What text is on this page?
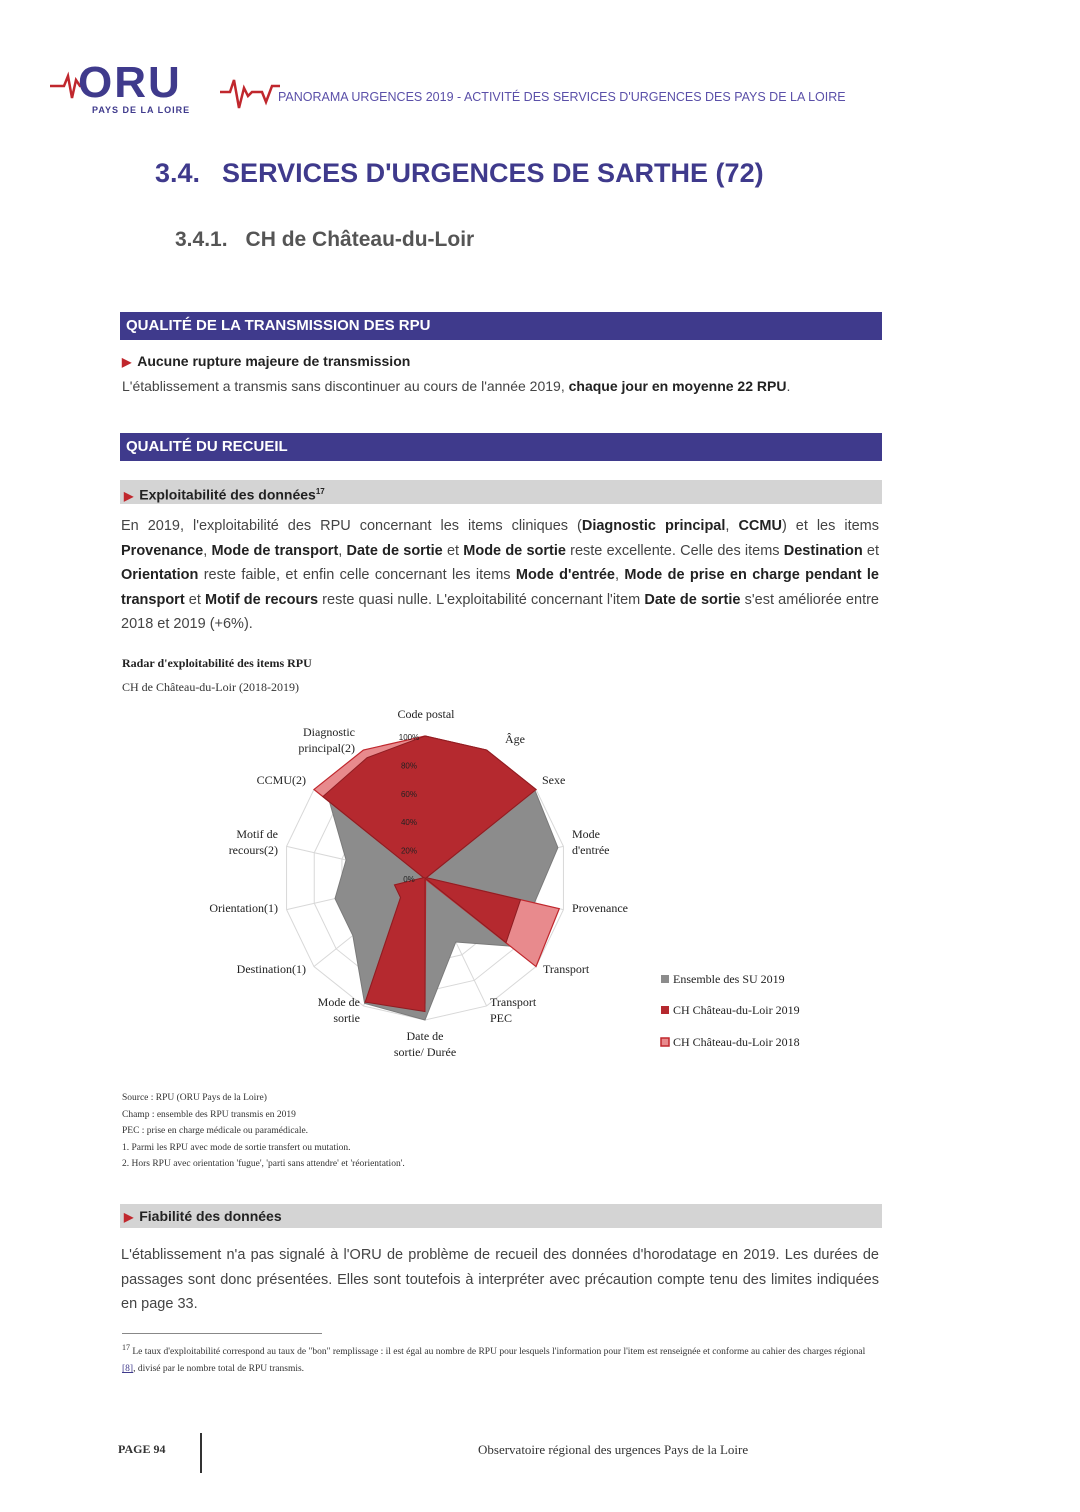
ORU
PAYS DE LA LOIRE
PANORAMA URGENCES 2019 - ACTIVITÉ DES SERVICES D'URGENCES DES PAYS DE LA LOIRE
3.4. SERVICES D'URGENCES DE SARTHE (72)
3.4.1. CH de Château-du-Loir
QUALITÉ DE LA TRANSMISSION DES RPU
▶ Aucune rupture majeure de transmission
L'établissement a transmis sans discontinuer au cours de l'année 2019, chaque jour en moyenne 22 RPU.
QUALITÉ DU RECUEIL
▶ Exploitabilité des données$^{17}$
En 2019, l'exploitabilité des RPU concernant les items cliniques (Diagnostic principal, CCMU) et les items Provenance, Mode de transport, Date de sortie et Mode de sortie reste excellente. Celle des items Destination et Orientation reste faible, et enfin celle concernant les items Mode d'entrée, Mode de prise en charge pendant le transport et Motif de recours reste quasi nulle. L'exploitabilité concernant l'item Date de sortie s'est améliorée entre 2018 et 2019 (+6%).
Radar d'exploitabilité des items RPU
CH de Château-du-Loir (2018-2019)
0%
20%
40%
60%
80%
100%
Code postal
Âge
Sexe
Mode d'entrée
Provenance
Transport
Transport PEC
Date de sortie/ Durée
Mode de sortie
Destination(1)
Orientation(1)
Motif de recours(2)
CCMU(2)
Diagnostic principal(2)
Ensemble des SU 2019
CH Château-du-Loir 2019
CH Château-du-Loir 2018
Source : RPU (ORU Pays de la Loire)
Champ : ensemble des RPU transmis en 2019
PEC : prise en charge médicale ou paramédicale.
1. Parmi les RPU avec mode de sortie transfert ou mutation.
2. Hors RPU avec orientation 'fugue', 'parti sans attendre' et 'réorientation'.
▶ Fiabilité des données
L'établissement n'a pas signalé à l'ORU de problème de recueil des données d'horodatage en 2019. Les durées de passages sont donc présentées. Elles sont toutefois à interpréter avec précaution compte tenu des limites indiquées en page 33.
$^{17}$ Le taux d'exploitabilité correspond au taux de "bon" remplissage : il est égal au nombre de RPU pour lesquels l'information pour l'item est renseignée et conforme au cahier des charges régional [8], divisé par le nombre total de RPU transmis.
PAGE 94	Observatoire régional des urgences Pays de la Loire
